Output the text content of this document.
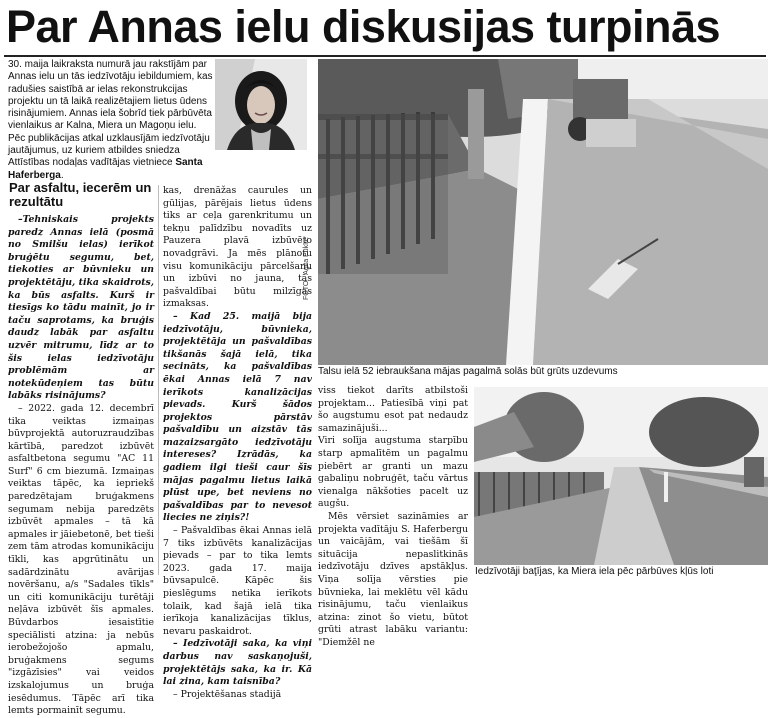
Par Annas ielu diskusijas turpinās
30. maija laikraksta numurā jau rakstījām par Annas ielu un tās iedzīvotāju iebildumiem, kas radušies saistībā ar ielas rekonstrukcijas projektu un tā laikā realizētajiem lietus ūdens risinājumiem. Annas iela šobrīd tiek pārbūvēta vienlaikus ar Kalna, Miera un Magoņu ielu. Pēc publikācijas atkal uzklausījām iedzīvotāju jautājumus, uz kuriem atbildes sniedza Attīstības nodaļas vadītājas vietniece Santa Haferberga.
Par asfaltu, iecerēm un rezultātu

–Tehniskais projekts paredz Annas ielā (posmā no Smilšu ielas) ierīkot bruģētu segumu, bet, tiekoties ar būvnieku un projektētāju, tika skaidrots, ka būs asfalts. Kurš ir tiesīgs ko tādu mainīt, jo ir taču saprotams, ka bruģis daudz labāk par asfaltu uzvēr mitrumu, līdz ar to šis ielas iedzīvotāju problēmām ar notekūdeņiem tas būtu labāks risinājums?

– 2022. gada 12. decembrī tika veiktas izmaiņas būvprojektā autoruzraudzības kārtībā, paredzot izbūvēt asfaltbetona segumu "AC 11 Surf" 6 cm biezumā. Izmaiņas veiktas tāpēc, ka iepriekš paredzētajam bruģakmens segumam nebija paredzēts izbūvēt apmales – tā kā apmales ir jāiebetonē, bet tieši zem tām atrodas komunikāciju tīkli, kas apgrūtinātu un sadārdzinātu avārijas novēršanu, a/s "Sadales tīkls" un citi komunikāciju turētāji neļāva izbūvēt šīs apmales. Būvdarbos iesaistītie speciālisti atzina: ja nebūs ierobežojošo apmalu, bruģakmens segums "izgāzīsies" vai veidos izskalojumus un bruģa iesēdumus. Tāpēc arī tika lemts pormainīt segumu.

kas, drenāžas caurules un gūlijas, pārējais lietus ūdens tiks ar ceļa garenkritumu un tekņu palīdzību novadīts uz Pauzera plavā izbūvēto novadgrāvi. Ja mēs plānotu visu komunikāciju pārcelšanu un izbūvi no jauna, tās pašvaldībai būtu milzīgas izmaksas.

– Kad 25. maijā bija iedzīvotāju, būvnieka, projektētāja un pašvaldības tikšanās šajā ielā, tika secināts, ka pašvaldības ēkai Annas ielā 7 nav ierīkots kanalizācijas pievads. Kurš šādos projektos pārstāv pašvaldību un aizstāv tās mazaizsargāto iedzīvotāju intereses? Izrādās, ka gadiem ilgi tieši caur šīs mājas pagalmu lietus laikā plūst upe, bet neviens no pašvaldības par to nevesot liecies ne ziņis?!

– Pašvaldības ēkai Annas ielā 7 tiks izbūvēts kanalizācijas pievads – par to tika lemts 2023. gada 17. maija būvsapulcē. Kāpēc šis pieslēgums netika ierīkots tolaik, kad šajā ielā tika ierīkoja kanalizācijas tīklus, nevaru paskaidrot.

– Iedzīvotāji saka, ka viņi darbus nav saskaņojuši, projektētājs saka, ka ir. Kā lai zina, kam taisnība?

– Projektēšanas stadijā

FOTO - Agita Pukīte
Talsu ielā 52 iebraukšana mājas pagalmā solās būt grūts uzdevums

viss tiekot darīts atbilstoši projektam... Patiesībā viņi pat šo augstumu esot pat nedaudz samazinājuši...

Viri solīja augstuma starpību starp apmalītēm un pagalmu piebērt ar granti un mazu gabaliņu nobruģēt, taču vārtus vienalga nākšoties pacelt uz augšu.

Mēs vērsiet sazināmies ar projekta vadītāju S. Haferbergu un vaicājām, vai tiešām šī situācija nepaslitkinās iedzīvotāju dzīves apstākļus. Viņa solīja vērsties pie būvnieka, lai meklētu vēl kādu risinājumu, taču vienlaikus atzina: zinot šo vietu, būtot grūti atrast labāku variantu: "Diemžēl ne

Iedzīvotāji baţījas, ka Miera iela pēc pārbūves kļūs loti
